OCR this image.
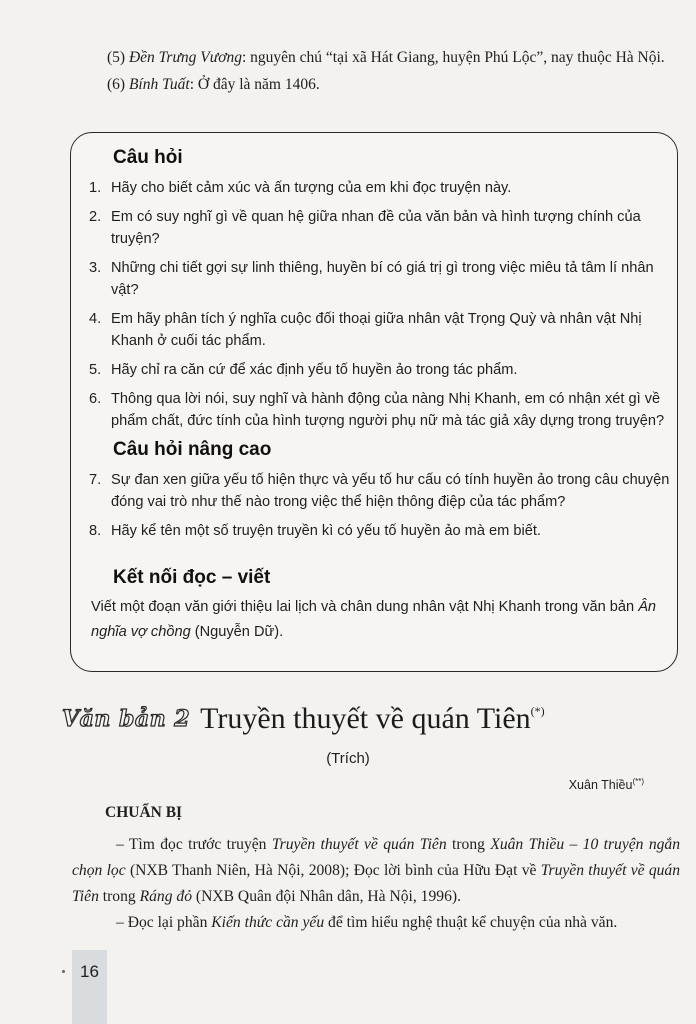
(5) Đền Trưng Vương: nguyên chú “tại xã Hát Giang, huyện Phú Lộc”, nay thuộc Hà Nội.

(6) Bính Tuất: Ở đây là năm 1406.

Câu hỏi
1. Hãy cho biết cảm xúc và ấn tượng của em khi đọc truyện này.
2. Em có suy nghĩ gì về quan hệ giữa nhan đề của văn bản và hình tượng chính của truyện?
3. Những chi tiết gợi sự linh thiêng, huyền bí có giá trị gì trong việc miêu tả tâm lí nhân vật?
4. Em hãy phân tích ý nghĩa cuộc đối thoại giữa nhân vật Trọng Quỳ và nhân vật Nhị Khanh ở cuối tác phẩm.
5. Hãy chỉ ra căn cứ để xác định yếu tố huyền ảo trong tác phẩm.
6. Thông qua lời nói, suy nghĩ và hành động của nàng Nhị Khanh, em có nhận xét gì về phẩm chất, đức tính của hình tượng người phụ nữ mà tác giả xây dựng trong truyện?
Câu hỏi nâng cao
7. Sự đan xen giữa yếu tố hiện thực và yếu tố hư cấu có tính huyền ảo trong câu chuyện đóng vai trò như thế nào trong việc thể hiện thông điệp của tác phẩm?
8. Hãy kể tên một số truyện truyền kì có yếu tố huyền ảo mà em biết.
Kết nối đọc – viết
Viết một đoạn văn giới thiệu lai lịch và chân dung nhân vật Nhị Khanh trong văn bản Ân nghĩa vợ chồng (Nguyễn Dữ).
Văn bản 2 Truyền thuyết về quán Tiên(*)
(Trích)
Xuân Thiều(**)
CHUẨN BỊ

– Tìm đọc trước truyện Truyền thuyết về quán Tiên trong Xuân Thiều – 10 truyện ngắn chọn lọc (NXB Thanh Niên, Hà Nội, 2008); Đọc lời bình của Hữu Đạt về Truyền thuyết về quán Tiên trong Ráng đỏ (NXB Quân đội Nhân dân, Hà Nội, 1996).

– Đọc lại phần Kiến thức cần yếu để tìm hiểu nghệ thuật kể chuyện của nhà văn.

16
